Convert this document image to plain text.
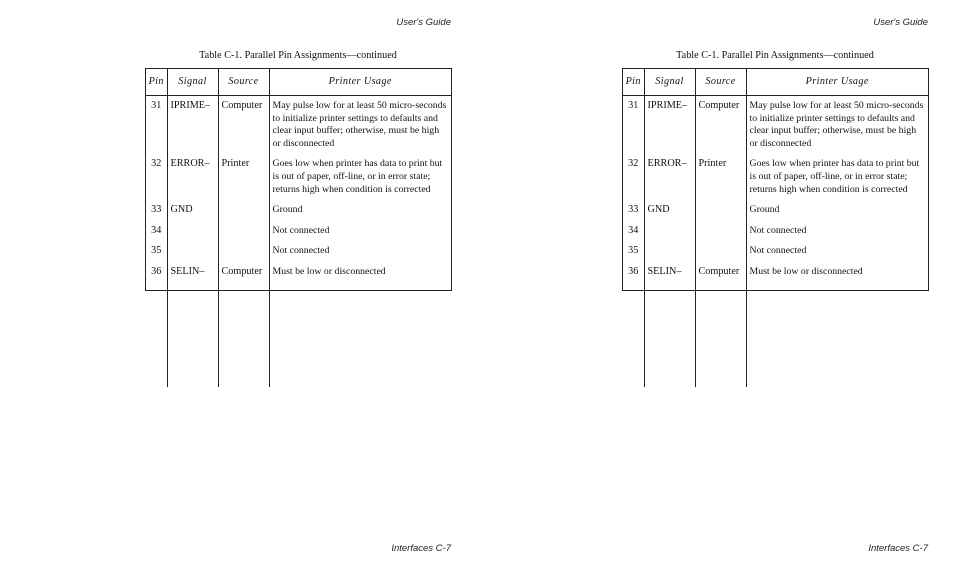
User's Guide
Table C-1. Parallel Pin Assignments—continued
Pin	Signal	Source	Printer Usage
31	IPRIME–	Computer	May pulse low for at least 50 micro-seconds to initialize printer settings to defaults and clear input buffer; otherwise, must be high or disconnected
32	ERROR–	Printer	Goes low when printer has data to print but is out of paper, off-line, or in error state; returns high when condition is corrected
33	GND		Ground
34			Not connected
35			Not connected
36	SELIN–	Computer	Must be low or disconnected

Interfaces C-7
User's Guide
Table C-1. Parallel Pin Assignments—continued
Pin	Signal	Source	Printer Usage
31	IPRIME–	Computer	May pulse low for at least 50 micro-seconds to initialize printer settings to defaults and clear input buffer; otherwise, must be high or disconnected
32	ERROR–	Printer	Goes low when printer has data to print but is out of paper, off-line, or in error state; returns high when condition is corrected
33	GND		Ground
34			Not connected
35			Not connected
36	SELIN–	Computer	Must be low or disconnected

Interfaces C-7
